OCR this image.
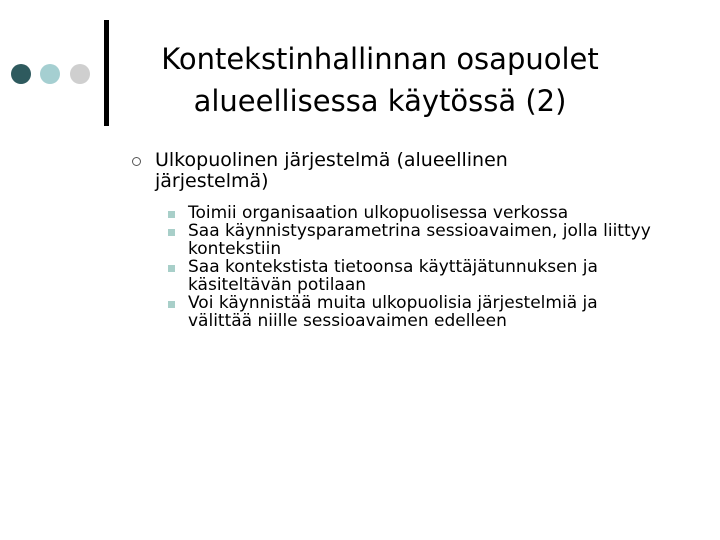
Kontekstinhallinnan osapuolet
alueellisessa käytössä (2)
Ulkopuolinen järjestelmä (alueellinen järjestelmä)
Toimii organisaation ulkopuolisessa verkossa
Saa käynnistysparametrina sessioavaimen, jolla liittyy kontekstiin
Saa kontekstista tietoonsa käyttäjätunnuksen ja käsiteltävän potilaan
Voi käynnistää muita ulkopuolisia järjestelmiä ja välittää niille sessioavaimen edelleen
